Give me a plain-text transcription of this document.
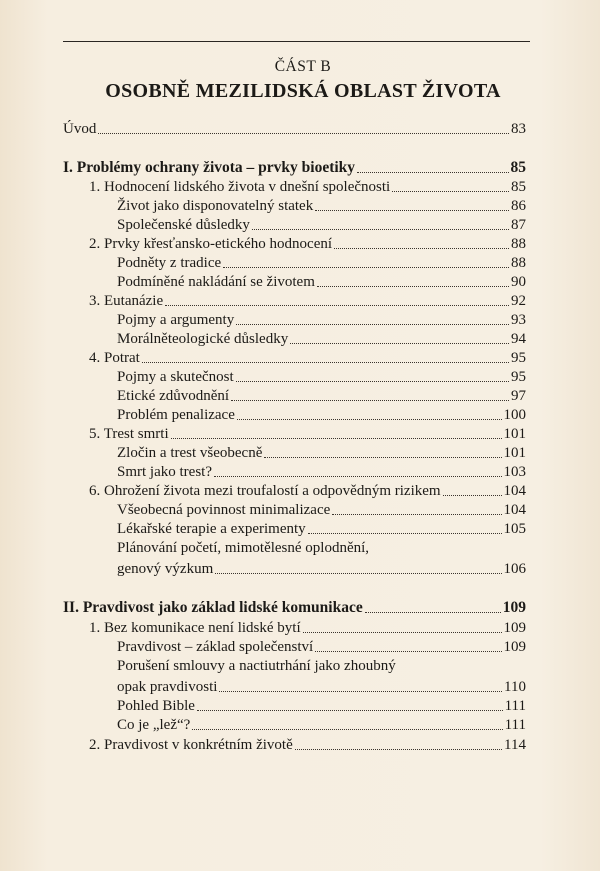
ČÁST B
OSOBNĚ MEZILIDSKÁ OBLAST ŽIVOTA
Úvod	83
I. Problémy ochrany života – prvky bioetiky	85
1. Hodnocení lidského života v dnešní společnosti	85
Život jako disponovatelný statek	86
Společenské důsledky	87
2. Prvky křesťansko-etického hodnocení	88
Podněty z tradice	88
Podmíněné nakládání se životem	90
3. Eutanázie	92
Pojmy a argumenty	93
Morálněteologické důsledky	94
4. Potrat	95
Pojmy a skutečnost	95
Etické zdůvodnění	97
Problém penalizace	100
5. Trest smrti	101
Zločin a trest všeobecně	101
Smrt jako trest?	103
6. Ohrožení života mezi troufalostí a odpovědným rizikem	104
Všeobecná povinnost minimalizace	104
Lékařské terapie a experimenty	105
Plánování početí, mimotělesné oplodnění,
genový výzkum	106
II. Pravdivost jako základ lidské komunikace	109
1. Bez komunikace není lidské bytí	109
Pravdivost – základ společenství	109
Porušení smlouvy a nactiutrhání jako zhoubný
opak pravdivosti	110
Pohled Bible	111
Co je „lež“?	111
2. Pravdivost v konkrétním životě	114
